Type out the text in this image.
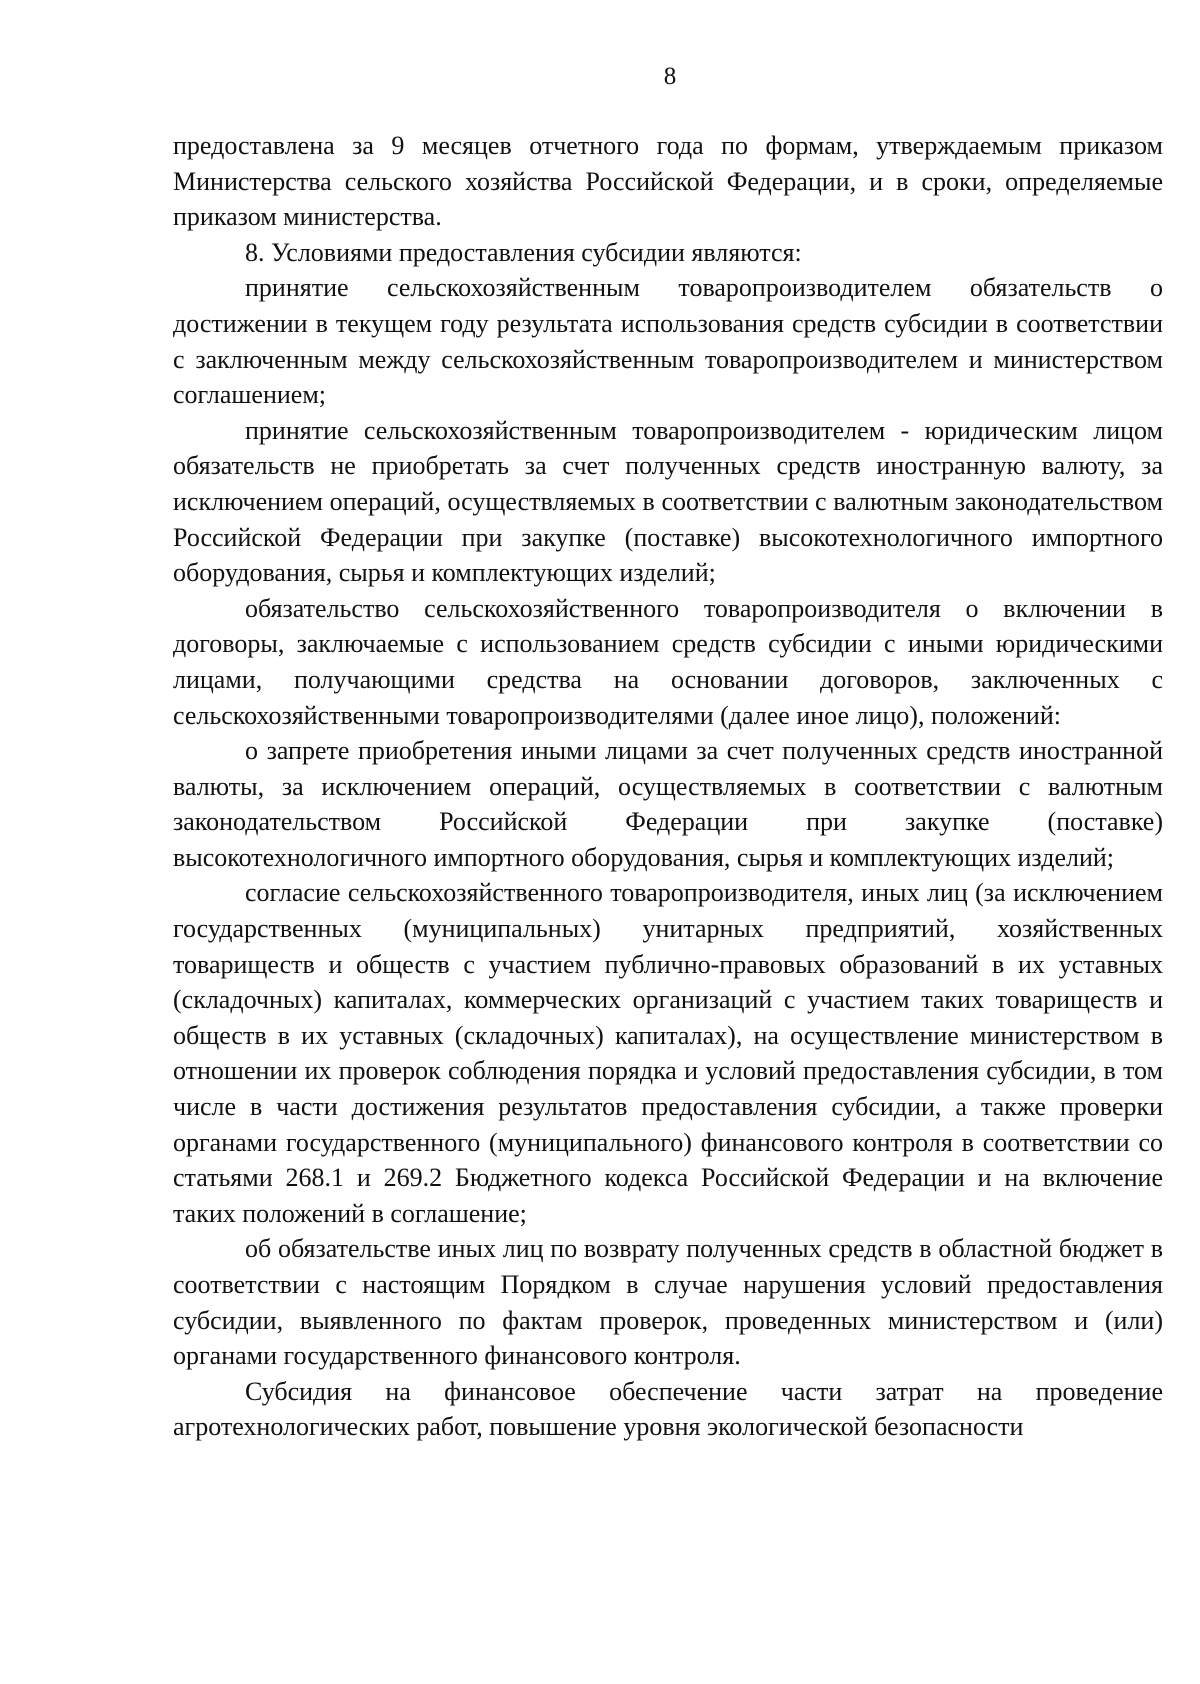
8

предоставлена за 9 месяцев отчетного года по формам, утверждаемым приказом Министерства сельского хозяйства Российской Федерации, и в сроки, определяемые приказом министерства.

8. Условиями предоставления субсидии являются:

принятие сельскохозяйственным товаропроизводителем обязательств о достижении в текущем году результата использования средств субсидии в соответствии с заключенным между сельскохозяйственным товаропроизводителем и министерством соглашением;

принятие сельскохозяйственным товаропроизводителем - юридическим лицом обязательств не приобретать за счет полученных средств иностранную валюту, за исключением операций, осуществляемых в соответствии с валютным законодательством Российской Федерации при закупке (поставке) высокотехнологичного импортного оборудования, сырья и комплектующих изделий;

обязательство сельскохозяйственного товаропроизводителя о включении в договоры, заключаемые с использованием средств субсидии с иными юридическими лицами, получающими средства на основании договоров, заключенных с сельскохозяйственными товаропроизводителями (далее иное лицо), положений:

о запрете приобретения иными лицами за счет полученных средств иностранной валюты, за исключением операций, осуществляемых в соответствии с валютным законодательством Российской Федерации при закупке (поставке) высокотехнологичного импортного оборудования, сырья и комплектующих изделий;

согласие сельскохозяйственного товаропроизводителя, иных лиц (за исключением государственных (муниципальных) унитарных предприятий, хозяйственных товариществ и обществ с участием публично-правовых образований в их уставных (складочных) капиталах, коммерческих организаций с участием таких товариществ и обществ в их уставных (складочных) капиталах), на осуществление министерством в отношении их проверок соблюдения порядка и условий предоставления субсидии, в том числе в части достижения результатов предоставления субсидии, а также проверки органами государственного (муниципального) финансового контроля в соответствии со статьями 268.1 и 269.2 Бюджетного кодекса Российской Федерации и на включение таких положений в соглашение;

об обязательстве иных лиц по возврату полученных средств в областной бюджет в соответствии с настоящим Порядком в случае нарушения условий предоставления субсидии, выявленного по фактам проверок, проведенных министерством и (или) органами государственного финансового контроля.

Субсидия на финансовое обеспечение части затрат на проведение агротехнологических работ, повышение уровня экологической безопасности
